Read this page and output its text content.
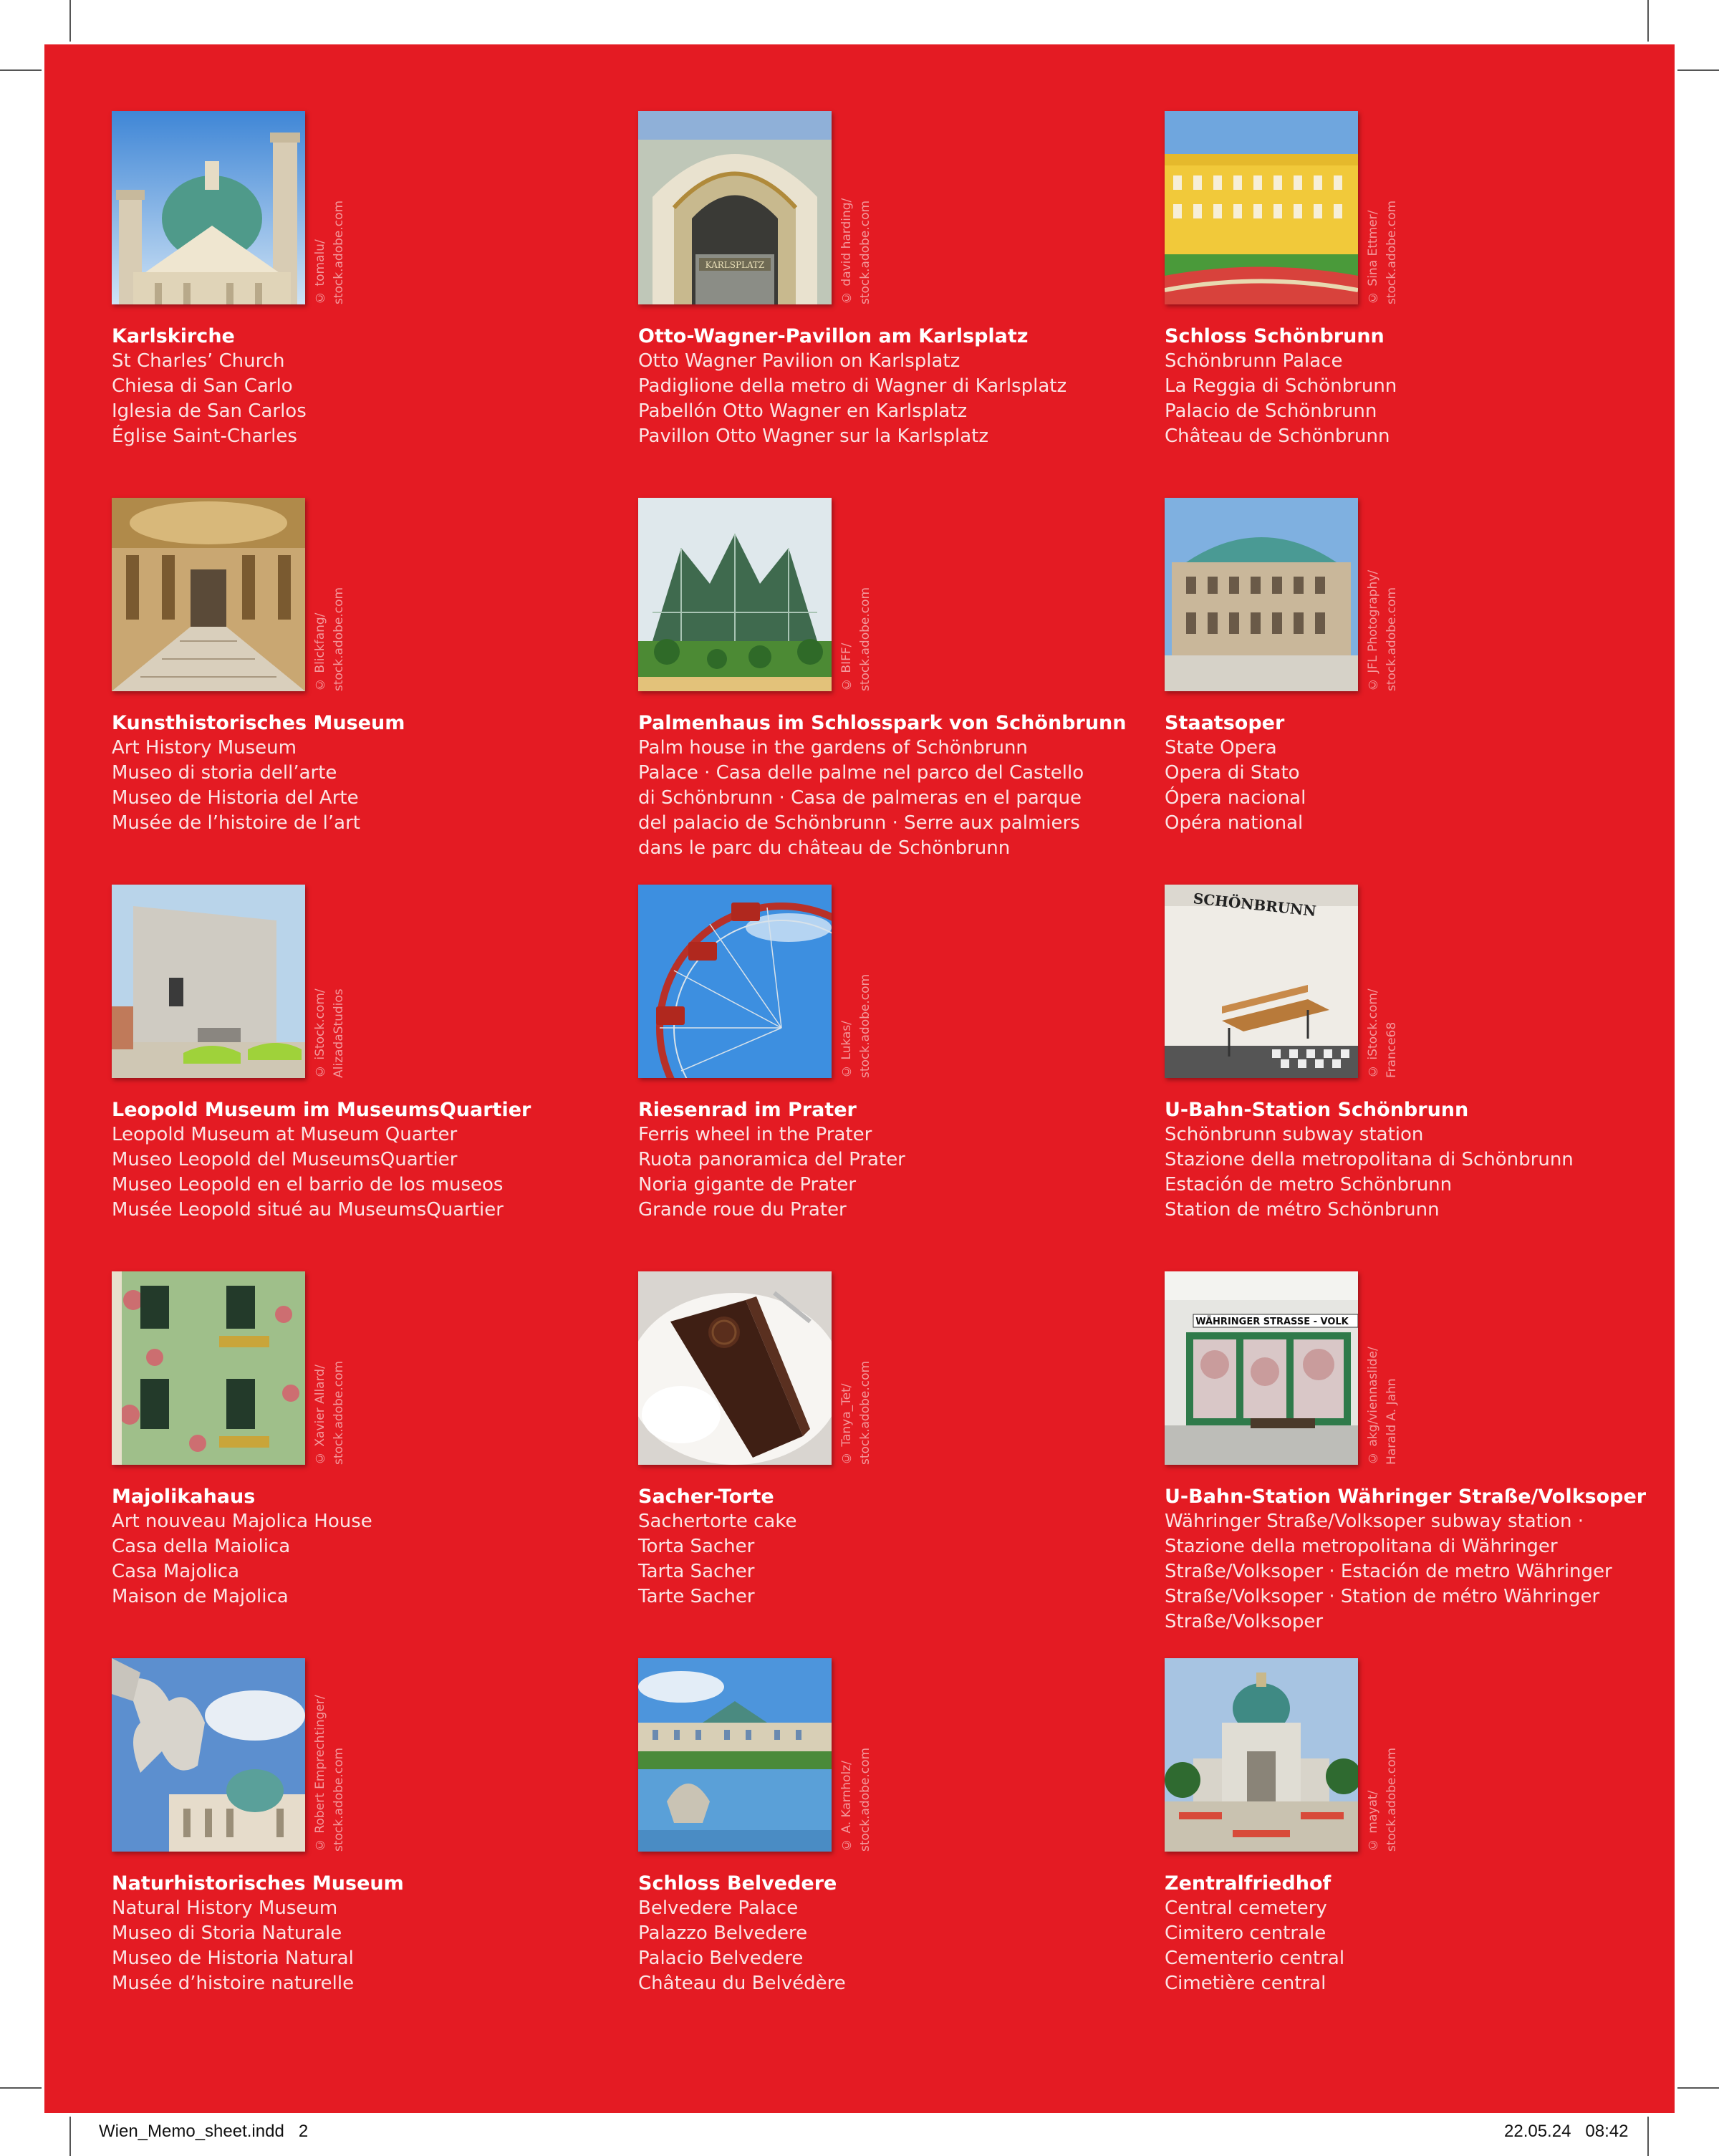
© tomalu/ stock.adobe.com
Karlskirche
St Charles’ Church
Chiesa di San Carlo
Iglesia de San Carlos
Église Saint-Charles
KARLSPLATZ	© david harding/ stock.adobe.com
Otto-Wagner-Pavillon am Karlsplatz
Otto Wagner Pavilion on Karlsplatz
Padiglione della metro di Wagner di Karlsplatz
Pabellón Otto Wagner en Karlsplatz
Pavillon Otto Wagner sur la Karlsplatz
© Sina Ettmer/ stock.adobe.com
Schloss Schönbrunn
Schönbrunn Palace
La Reggia di Schönbrunn
Palacio de Schönbrunn
Château de Schönbrunn
© Blickfang/ stock.adobe.com
Kunsthistorisches Museum
Art History Museum
Museo di storia dell’arte
Museo de Historia del Arte
Musée de l’histoire de l’art
© BIFF/ stock.adobe.com
Palmenhaus im Schlosspark von Schönbrunn
Palm house in the gardens of Schönbrunn
Palace · Casa delle palme nel parco del Castello
di Schönbrunn · Casa de palmeras en el parque
del palacio de Schönbrunn · Serre aux palmiers
dans le parc du château de Schönbrunn
© JFL Photography/ stock.adobe.com
Staatsoper
State Opera
Opera di Stato
Ópera nacional
Opéra national
© iStock.com/ AlizadaStudios
Leopold Museum im MuseumsQuartier
Leopold Museum at Museum Quarter
Museo Leopold del MuseumsQuartier
Museo Leopold en el barrio de los museos
Musée Leopold situé au MuseumsQuartier
© Lukas/ stock.adobe.com
Riesenrad im Prater
Ferris wheel in the Prater
Ruota panoramica del Prater
Noria gigante de Prater
Grande roue du Prater
SCHÖNBRUNN
© iStock.com/ France68
U-Bahn-Station Schönbrunn
Schönbrunn subway station
Stazione della metropolitana di Schönbrunn
Estación de metro Schönbrunn
Station de métro Schönbrunn
© Xavier Allard/ stock.adobe.com
Majolikahaus
Art nouveau Majolica House
Casa della Maiolica
Casa Majolica
Maison de Majolica
© Tanya_Tet/ stock.adobe.com
Sacher-Torte
Sachertorte cake
Torta Sacher
Tarta Sacher
Tarte Sacher
WÄHRINGER STRASSE - VOLK
© akg/viennaslide/ Harald A. Jahn
U-Bahn-Station Währinger Straße/Volksoper
Währinger Straße/Volksoper subway station ·
Stazione della metropolitana di Währinger
Straße/Volksoper · Estación de metro Währinger
Straße/Volksoper · Station de métro Währinger
Straße/Volksoper
© Robert Emprechtinger/ stock.adobe.com
Naturhistorisches Museum
Natural History Museum
Museo di Storia Naturale
Museo de Historia Natural
Musée d’histoire naturelle
© A. Karnholz/ stock.adobe.com
Schloss Belvedere
Belvedere Palace
Palazzo Belvedere
Palacio Belvedere
Château du Belvédère
© mayat/ stock.adobe.com
Zentralfriedhof
Central cemetery
Cimitero centrale
Cementerio central
Cimetière central
Wien_Memo_sheet.indd   2	22.05.24   08:42
